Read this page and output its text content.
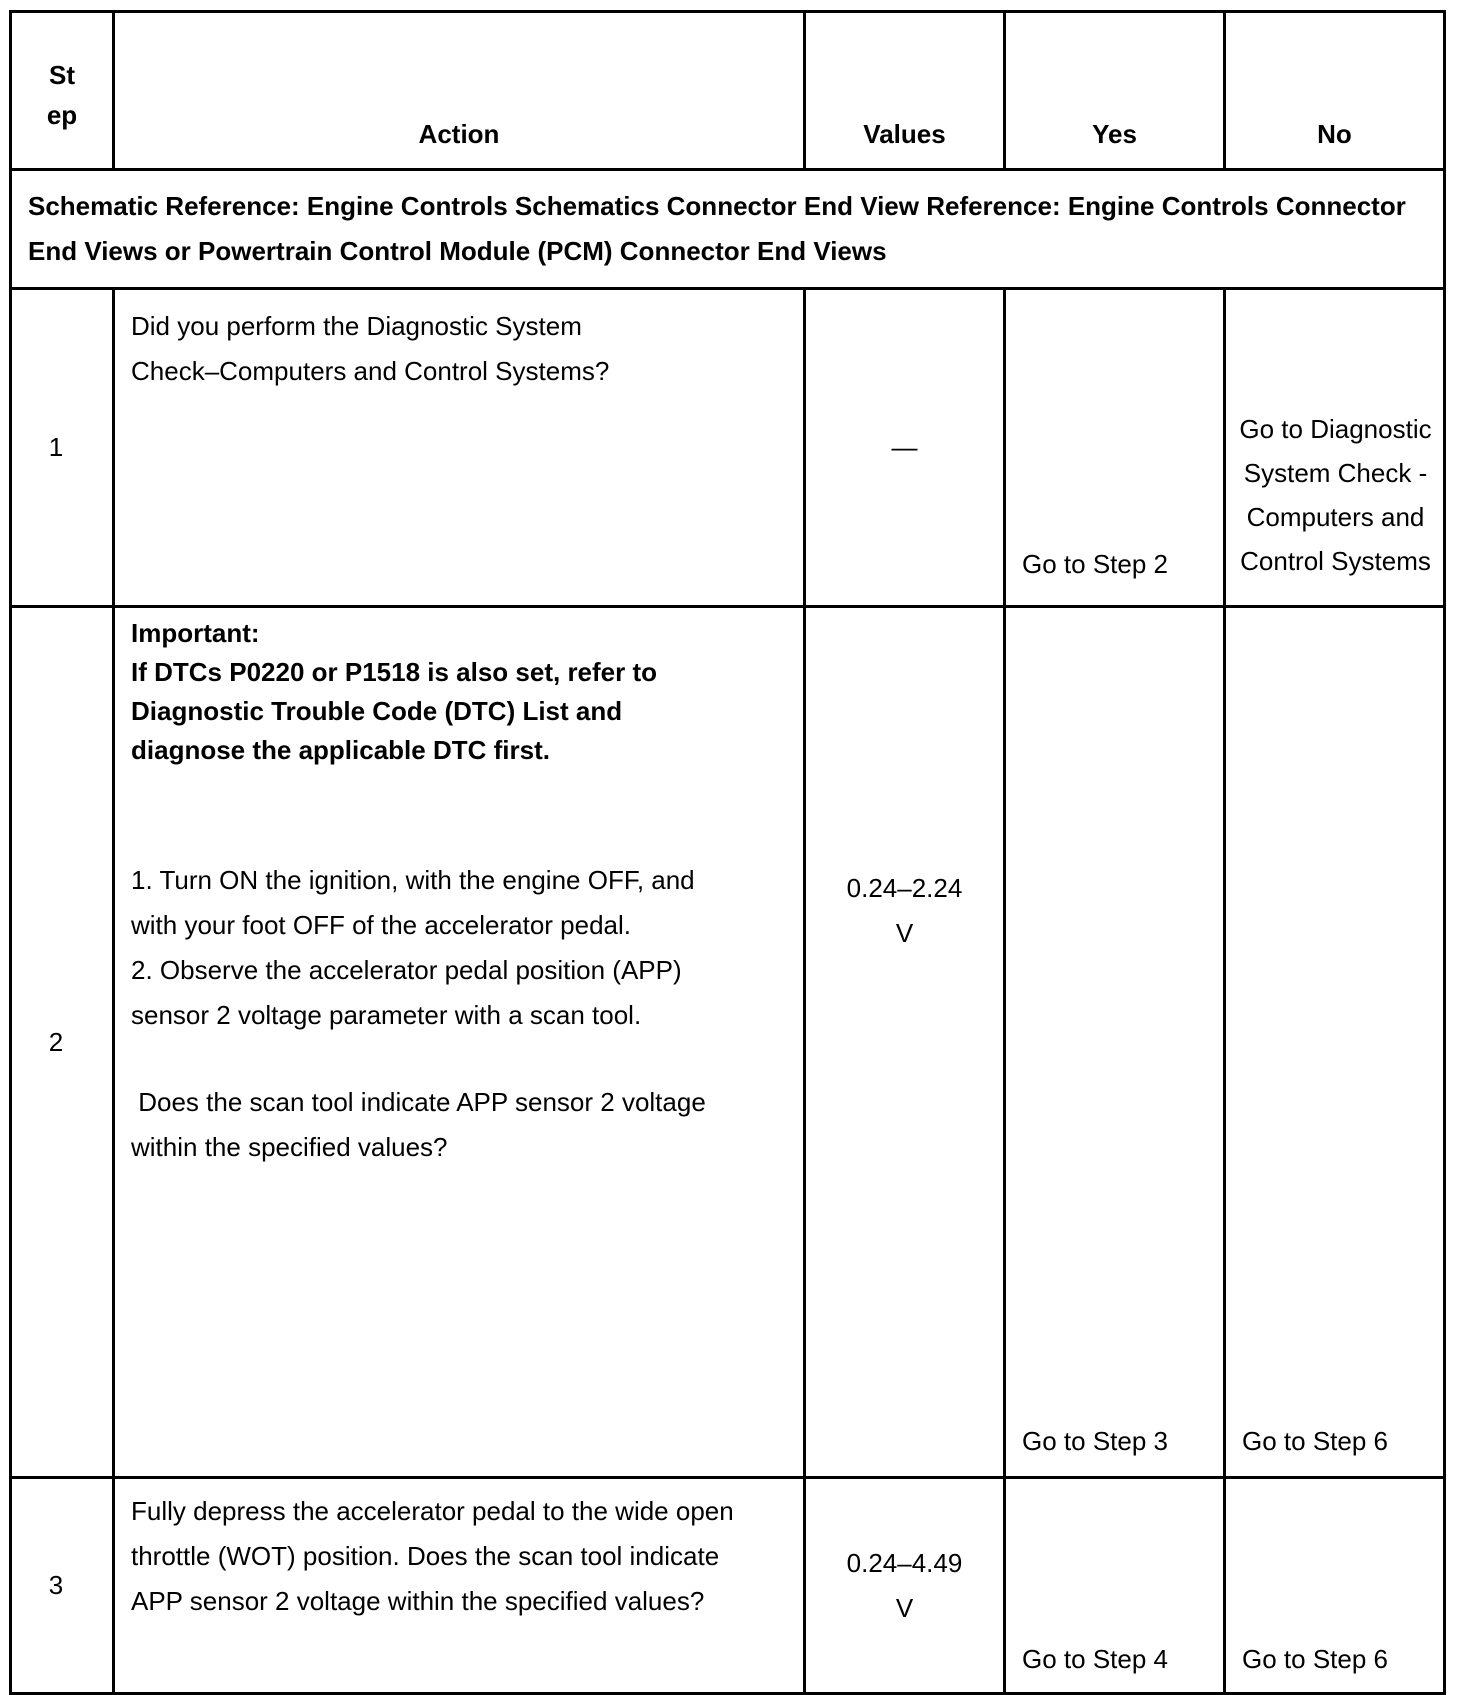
St ep	Action	Values	Yes	No
Schematic Reference: Engine Controls Schematics Connector End View Reference: Engine Controls Connector End Views or Powertrain Control Module (PCM) Connector End Views				
1	Did you perform the Diagnostic System Check–Computers and Control Systems?	—	Go to Step 2	Go to Diagnostic System Check - Computers and Control Systems
2	Important:
If DTCs P0220 or P1518 is also set, refer to Diagnostic Trouble Code (DTC) List and diagnose the applicable DTC first.
1. Turn ON the ignition, with the engine OFF, and with your foot OFF of the accelerator pedal.
2. Observe the accelerator pedal position (APP) sensor 2 voltage parameter with a scan tool.
Does the scan tool indicate APP sensor 2 voltage within the specified values?	0.24–2.24 V	Go to Step 3	Go to Step 6
3	Fully depress the accelerator pedal to the wide open throttle (WOT) position. Does the scan tool indicate APP sensor 2 voltage within the specified values?	0.24–4.49 V	Go to Step 4	Go to Step 6
